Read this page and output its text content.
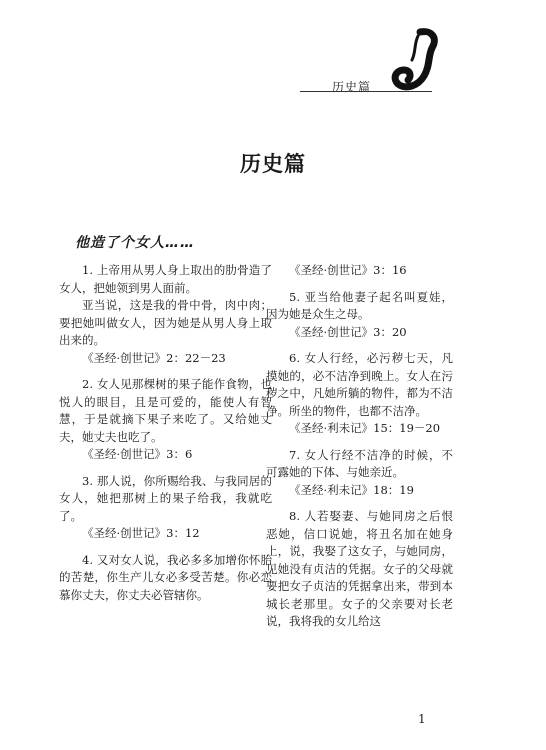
历史篇
历史篇
他造了个女人……

1. 上帝用从男人身上取出的肋骨造了女人，把她领到男人面前。

亚当说，这是我的骨中骨，肉中肉；要把她叫做女人，因为她是从男人身上取出来的。

《圣经·创世记》2：22－23

2. 女人见那棵树的果子能作食物，也悦人的眼目，且是可爱的，能使人有智慧，于是就摘下果子来吃了。又给她丈夫，她丈夫也吃了。

《圣经·创世记》3：6

3. 那人说，你所赐给我、与我同居的女人，她把那树上的果子给我，我就吃了。

《圣经·创世记》3：12

4. 又对女人说，我必多多加增你怀胎的苦楚，你生产儿女必多受苦楚。你必恋慕你丈夫，你丈夫必管辖你。

《圣经·创世记》3：16

5. 亚当给他妻子起名叫夏娃，因为她是众生之母。

《圣经·创世记》3：20

6. 女人行经，必污秽七天，凡摸她的，必不洁净到晚上。女人在污秽之中，凡她所躺的物件，都为不洁净。所坐的物件，也都不洁净。

《圣经·利未记》15：19－20

7. 女人行经不洁净的时候，不可露她的下体、与她亲近。

《圣经·利未记》18：19

8. 人若娶妻、与她同房之后恨恶她，信口说她，将丑名加在她身上，说，我娶了这女子，与她同房，见她没有贞洁的凭据。女子的父母就要把女子贞洁的凭据拿出来，带到本城长老那里。女子的父亲要对长老说，我将我的女儿给这

1
